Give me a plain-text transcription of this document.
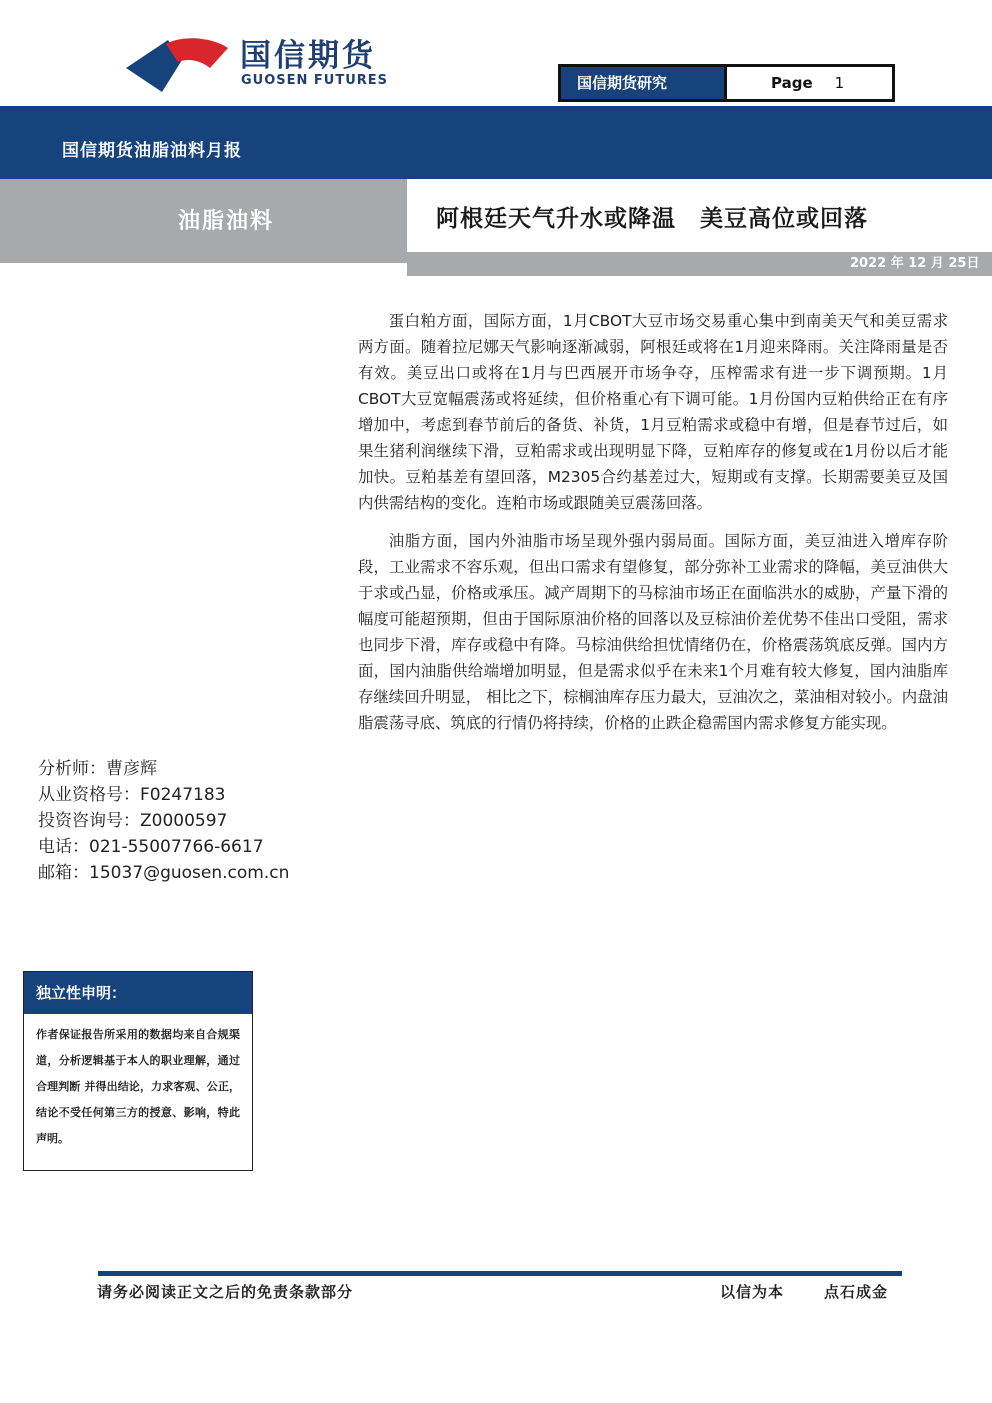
国信期货
GUOSEN FUTURES	国信期货研究	Page 1
国信期货油脂油料月报
油脂油料	阿根廷天气升水或降温　美豆高位或回落
2022 年 12 月 25日

蛋白粕方面，国际方面，1月CBOT大豆市场交易重心集中到南美天气和美豆需求两方面。随着拉尼娜天气影响逐渐减弱，阿根廷或将在1月迎来降雨。关注降雨量是否有效。美豆出口或将在1月与巴西展开市场争夺，压榨需求有进一步下调预期。1月CBOT大豆宽幅震荡或将延续，但价格重心有下调可能。1月份国内豆粕供给正在有序增加中，考虑到春节前后的备货、补货，1月豆粕需求或稳中有增，但是春节过后，如果生猪利润继续下滑，豆粕需求或出现明显下降，豆粕库存的修复或在1月份以后才能加快。豆粕基差有望回落，M2305合约基差过大，短期或有支撑。长期需要美豆及国内供需结构的变化。连粕市场或跟随美豆震荡回落。

油脂方面，国内外油脂市场呈现外强内弱局面。国际方面，美豆油进入增库存阶段，工业需求不容乐观，但出口需求有望修复，部分弥补工业需求的降幅，美豆油供大于求或凸显，价格或承压。减产周期下的马棕油市场正在面临洪水的威胁，产量下滑的幅度可能超预期，但由于国际原油价格的回落以及豆棕油价差优势不佳出口受阻，需求也同步下滑，库存或稳中有降。马棕油供给担忧情绪仍在，价格震荡筑底反弹。国内方面，国内油脂供给端增加明显，但是需求似乎在未来1个月难有较大修复，国内油脂库存继续回升明显， 相比之下，棕榈油库存压力最大，豆油次之，菜油相对较小。内盘油脂震荡寻底、筑底的行情仍将持续，价格的止跌企稳需国内需求修复方能实现。

分析师：曹彦辉
从业资格号：F0247183
投资咨询号：Z0000597
电话：021-55007766-6617
邮箱：15037@guosen.com.cn
独立性申明：
作者保证报告所采用的数据均来自合规渠道，分析逻辑基于本人的职业理解，通过合理判断 并得出结论，力求客观、公正，结论不受任何第三方的授意、影响，特此声明。
请务必阅读正文之后的免责条款部分	以信为本	点石成金
